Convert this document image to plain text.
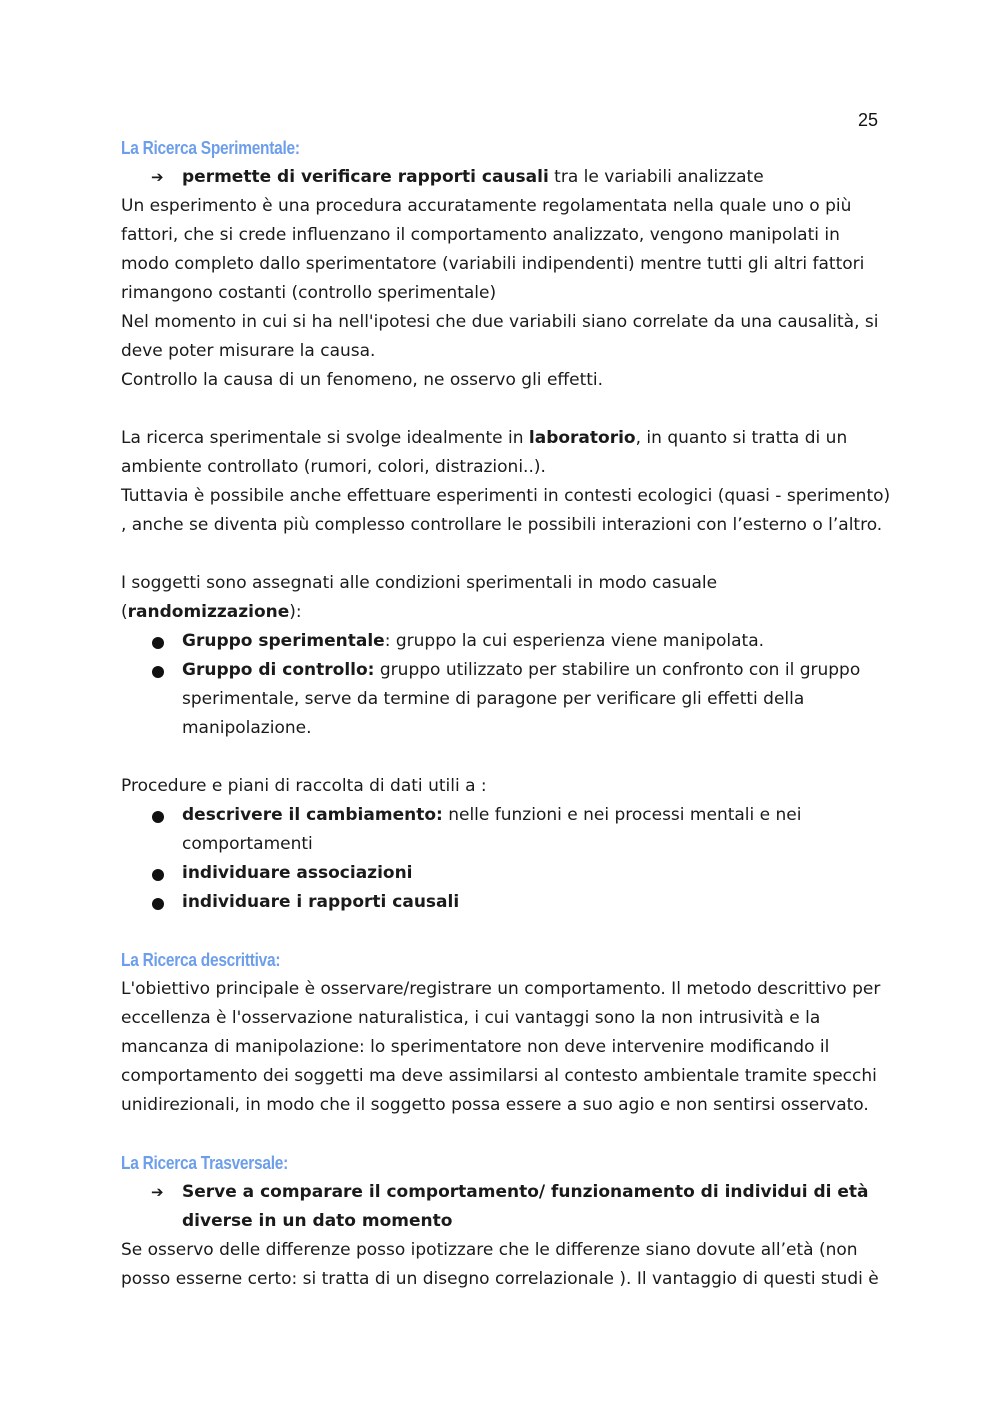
25
La Ricerca Sperimentale:
➔ permette di verificare rapporti causali tra le variabili analizzate

Un esperimento è una procedura accuratamente regolamentata nella quale uno o più fattori, che si crede influenzano il comportamento analizzato, vengono manipolati in modo completo dallo sperimentatore (variabili indipendenti) mentre tutti gli altri fattori rimangono costanti (controllo sperimentale)

Nel momento in cui si ha nell'ipotesi che due variabili siano correlate da una causalità, si deve poter misurare la causa.

Controllo la causa di un fenomeno, ne osservo gli effetti.

La ricerca sperimentale si svolge idealmente in laboratorio, in quanto si tratta di un ambiente controllato (rumori, colori, distrazioni..).

Tuttavia è possibile anche effettuare esperimenti in contesti ecologici (quasi - sperimento) , anche se diventa più complesso controllare le possibili interazioni con l’esterno o l’altro.

I soggetti sono assegnati alle condizioni sperimentali in modo casuale (randomizzazione):

Gruppo sperimentale: gruppo la cui esperienza viene manipolata.
Gruppo di controllo: gruppo utilizzato per stabilire un confronto con il gruppo sperimentale, serve da termine di paragone per verificare gli effetti della manipolazione.

Procedure e piani di raccolta di dati utili a :

descrivere il cambiamento: nelle funzioni e nei processi mentali e nei comportamenti
individuare associazioni
individuare i rapporti causali
La Ricerca descrittiva:

L'obiettivo principale è osservare/registrare un comportamento. Il metodo descrittivo per eccellenza è l'osservazione naturalistica, i cui vantaggi sono la non intrusività e la mancanza di manipolazione: lo sperimentatore non deve intervenire modificando il comportamento dei soggetti ma deve assimilarsi al contesto ambientale tramite specchi unidirezionali, in modo che il soggetto possa essere a suo agio e non sentirsi osservato.

La Ricerca Trasversale:
➔ Serve a comparare il comportamento/ funzionamento di individui di età diverse in un dato momento

Se osservo delle differenze posso ipotizzare che le differenze siano dovute all’età (non posso esserne certo: si tratta di un disegno correlazionale ). Il vantaggio di questi studi è
